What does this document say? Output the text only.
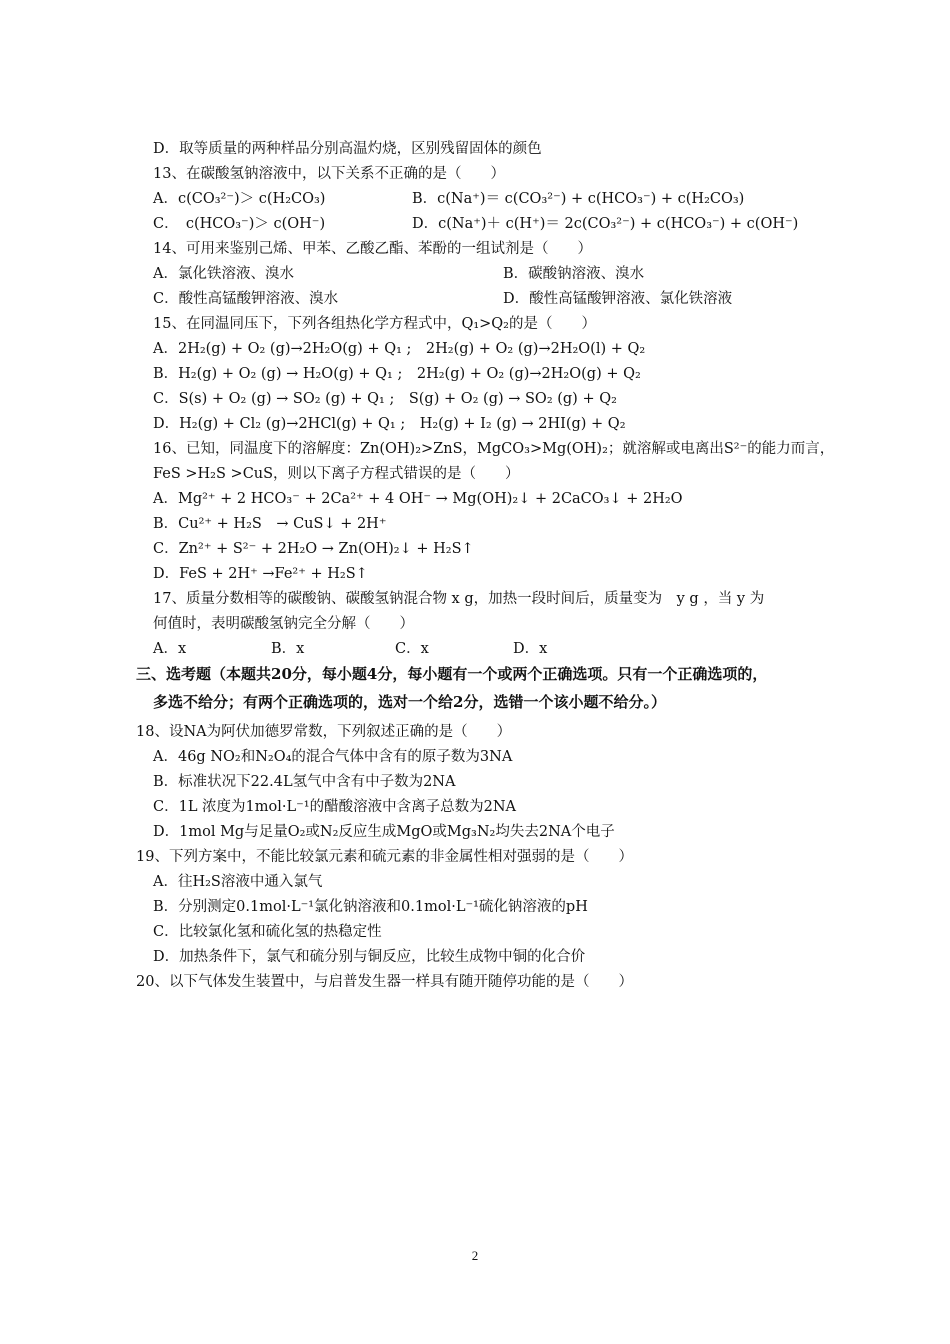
D．取等质量的两种样品分别高温灼烧，区别残留固体的颜色
13、在碳酸氢钠溶液中，以下关系不正确的是（　　）
A．c(CO₃²⁻)＞ c(H₂CO₃)	B．c(Na⁺)＝ c(CO₃²⁻) + c(HCO₃⁻) + c(H₂CO₃)
C．　c(HCO₃⁻)＞ c(OH⁻)	D．c(Na⁺)＋ c(H⁺)＝ 2c(CO₃²⁻) + c(HCO₃⁻) + c(OH⁻)
14、可用来鉴别己烯、甲苯、乙酸乙酯、苯酚的一组试剂是（　　）
A．氯化铁溶液、溴水	B．碳酸钠溶液、溴水
C．酸性高锰酸钾溶液、溴水	D．酸性高锰酸钾溶液、氯化铁溶液
15、在同温同压下，下列各组热化学方程式中，Q₁>Q₂的是（　　）
A．2H₂(g) + O₂ (g)→2H₂O(g) + Q₁ ;　2H₂(g) + O₂ (g)→2H₂O(l) + Q₂
B．H₂(g) + O₂ (g) → H₂O(g) + Q₁ ;　2H₂(g) + O₂ (g)→2H₂O(g) + Q₂
C．S(s) + O₂ (g) → SO₂ (g) + Q₁ ;　S(g) + O₂ (g) → SO₂ (g) + Q₂
D．H₂(g) + Cl₂ (g)→2HCl(g) + Q₁ ;　H₂(g) + I₂ (g) → 2HI(g) + Q₂
16、已知，同温度下的溶解度：Zn(OH)₂>ZnS，MgCO₃>Mg(OH)₂；就溶解或电离出S²⁻的能力而言，
FeS >H₂S >CuS，则以下离子方程式错误的是（　　）
A．Mg²⁺ + 2 HCO₃⁻ + 2Ca²⁺ + 4 OH⁻ → Mg(OH)₂↓ + 2CaCO₃↓ + 2H₂O
B．Cu²⁺ + H₂S　→ CuS↓ + 2H⁺
C．Zn²⁺ + S²⁻ + 2H₂O → Zn(OH)₂↓ + H₂S↑
D．FeS + 2H⁺ →Fe²⁺ + H₂S↑
17、质量分数相等的碳酸钠、碳酸氢钠混合物 x g，加热一段时间后，质量变为　y g ，当 y 为
何值时，表明碳酸氢钠完全分解（　　）
A．x	B．x	C．x	D．x
三、选考题（本题共20分，每小题4分，每小题有一个或两个正确选项。只有一个正确选项的，
多选不给分；有两个正确选项的，选对一个给2分，选错一个该小题不给分。）
18、设NA为阿伏加德罗常数，下列叙述正确的是（　　）
A．46g NO₂和N₂O₄的混合气体中含有的原子数为3NA
B．标准状况下22.4L氢气中含有中子数为2NA
C．1L 浓度为1mol·L⁻¹的醋酸溶液中含离子总数为2NA
D．1mol Mg与足量O₂或N₂反应生成MgO或Mg₃N₂均失去2NA个电子
19、下列方案中，不能比较氯元素和硫元素的非金属性相对强弱的是（　　）
A．往H₂S溶液中通入氯气
B．分别测定0.1mol·L⁻¹氯化钠溶液和0.1mol·L⁻¹硫化钠溶液的pH
C．比较氯化氢和硫化氢的热稳定性
D．加热条件下，氯气和硫分别与铜反应，比较生成物中铜的化合价
20、以下气体发生装置中，与启普发生器一样具有随开随停功能的是（　　）
2
